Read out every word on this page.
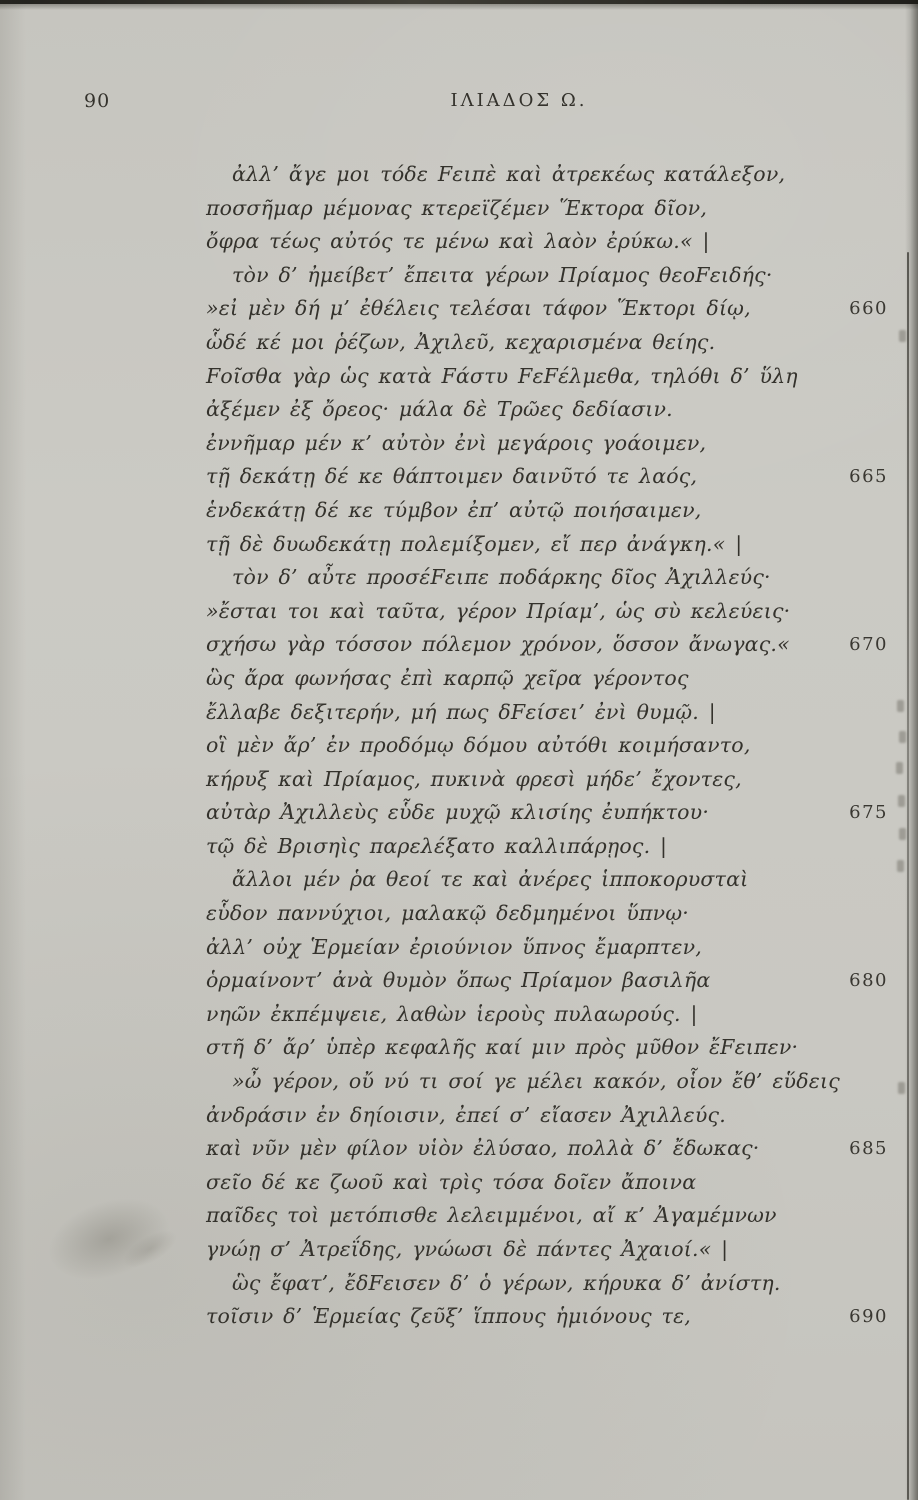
90	ΙΛΙΑΔΟΣ Ω.
ἀλλ’ ἄγε μοι τόδε Fειπὲ καὶ ἀτρεκέως κατάλεξον,
ποσσῆμαρ μέμονας κτερεϊζέμεν Ἕκτορα δῖον,
ὄφρα τέως αὐτός τε μένω καὶ λαὸν ἐρύκω.« |
τὸν δ’ ἠμείβετ’ ἔπειτα γέρων Πρίαμος θεοFειδής·
»εἰ μὲν δή μ’ ἐθέλεις τελέσαι τάφον Ἕκτορι δίῳ,	660
ὧδέ κέ μοι ῥέζων, Ἀχιλεῦ, κεχαρισμένα θείης.
Fοῖσθα γὰρ ὡς κατὰ Fάστυ FεFέλμεθα, τηλόθι δ’ ὕλη
ἀξέμεν ἐξ ὄρεος· μάλα δὲ Τρῶες δεδίασιν.
ἐννῆμαρ μέν κ’ αὐτὸν ἐνὶ μεγάροις γοάοιμεν,
τῇ δεκάτῃ δέ κε θάπτοιμεν δαινῦτό τε λαός,	665
ἑνδεκάτῃ δέ κε τύμβον ἐπ’ αὐτῷ ποιήσαιμεν,
τῇ δὲ δυωδεκάτῃ πολεμίξομεν, εἴ περ ἀνάγκη.« |
τὸν δ’ αὖτε προσέFειπε ποδάρκης δῖος Ἀχιλλεύς·
»ἔσται τοι καὶ ταῦτα, γέρον Πρίαμ’, ὡς σὺ κελεύεις·
σχήσω γὰρ τόσσον πόλεμον χρόνον, ὅσσον ἄνωγας.«	670
ὣς ἄρα φωνήσας ἐπὶ καρπῷ χεῖρα γέροντος
ἔλλαβε δεξιτερήν, μή πως δFείσει’ ἐνὶ θυμῷ. |
οἳ μὲν ἄρ’ ἐν προδόμῳ δόμου αὐτόθι κοιμήσαντο,
κήρυξ καὶ Πρίαμος, πυκινὰ φρεσὶ μήδε’ ἔχοντες,
αὐτὰρ Ἀχιλλεὺς εὗδε μυχῷ κλισίης ἐυπήκτου·	675
τῷ δὲ Βρισηὶς παρελέξατο καλλιπάρῃος. |
ἄλλοι μέν ῥα θεοί τε καὶ ἀνέρες ἱπποκορυσταὶ
εὗδον παννύχιοι, μαλακῷ δεδμημένοι ὕπνῳ·
ἀλλ’ οὐχ Ἑρμείαν ἐριούνιον ὕπνος ἔμαρπτεν,
ὁρμαίνοντ’ ἀνὰ θυμὸν ὅπως Πρίαμον βασιλῆα	680
νηῶν ἐκπέμψειε, λαθὼν ἱεροὺς πυλαωρούς. |
στῆ δ’ ἄρ’ ὑπὲρ κεφαλῆς καί μιν πρὸς μῦθον ἔFειπεν·
»ὦ γέρον, οὔ νύ τι σοί γε μέλει κακόν, οἷον ἔθ’ εὕδεις
ἀνδράσιν ἐν δηίοισιν, ἐπεί σ’ εἴασεν Ἀχιλλεύς.
καὶ νῦν μὲν φίλον υἱὸν ἐλύσαο, πολλὰ δ’ ἔδωκας·	685
σεῖο δέ κε ζωοῦ καὶ τρὶς τόσα δοῖεν ἄποινα
παῖδες τοὶ μετόπισθε λελειμμένοι, αἴ κ’ Ἀγαμέμνων
γνώῃ σ’ Ἀτρεΐδης, γνώωσι δὲ πάντες Ἀχαιοί.« |
ὣς ἔφατ’, ἔδFεισεν δ’ ὁ γέρων, κήρυκα δ’ ἀνίστη.
τοῖσιν δ’ Ἑρμείας ζεῦξ’ ἵππους ἡμιόνους τε,	690
